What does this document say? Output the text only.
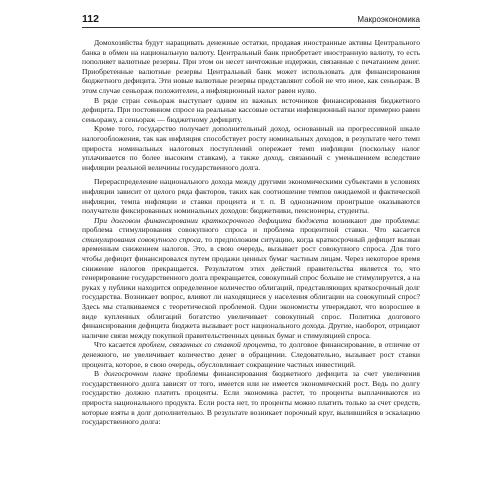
112	Макроэкономика

Домохозяйства будут наращивать денежные остатки, продавая иностранные активы Центрального банка в обмен на национальную валюту. Центральный банк приобретает иностранную валюту, то есть пополняет валютные резервы. При этом он несет ничтожные издержки, связанные с печатанием денег. Приобретенные валютные резервы Центральный банк может использовать для финансирования бюджетного дефицита. Эти новые валютные резервы представляют собой не что иное, как сеньораж. В этом случае сеньораж положителен, а инфляционный налог равен нулю.

В ряде стран сеньораж выступает одним из важных источников финансирования бюджетного дефицита. При постоянном спросе на реальные кассовые остатки инфляционный налог примерно равен сеньоражу, а сеньораж — бюджетному дефициту.

Кроме того, государство получает дополнительный доход, основанный на прогрессивной шкале налогообложения, так как инфляция способствует росту номинальных доходов, в результате чего темп прироста номинальных налоговых поступлений опережает темп инфляции (поскольку налог уплачивается по более высоким ставкам), а также доход, связанный с уменьшением вследствие инфляции реальной величины государственного долга.

Перераспределение национального дохода между другими экономическими субъектами в условиях инфляции зависит от целого ряда факторов, таких как соотношение темпов ожидаемой и фактической инфляции, темпа инфляции и ставки процента и т. п. В однозначном проигрыше оказываются получатели фиксированных номинальных доходов: бюджетники, пенсионеры, студенты.

При долговом финансировании краткосрочного дефицита бюджета возникают две проблемы: проблема стимулирования совокупного спроса и проблема процентной ставки. Что касается стимулирования совокупного спроса, то предположим ситуацию, когда краткосрочный дефицит вызван временным снижением налогов. Это, в свою очередь, вызывает рост совокупного спроса. Для того чтобы дефицит финансировался путем продажи ценных бумаг частным лицам. Через некоторое время снижение налогов прекращается. Результатом этих действий правительства является то, что генерирование государственного долга прекращается, совокупный спрос больше не стимулируется, а на руках у публики находится определенное количество облигаций, представляющих краткосрочный долг государства. Возникает вопрос, влияют ли находящиеся у населения облигации на совокупный спрос? Здесь мы сталкиваемся с теоретической проблемой. Одни экономисты утверждают, что возросшее в виде купленных облигаций богатство увеличивает совокупный спрос. Политика долгового финансирования дефицита бюджета вызывает рост национального дохода. Другие, наоборот, отрицают наличие связи между покупкой правительственных ценных бумаг и стимуляцией спроса.

Что касается проблем, связанных со ставкой процента, то долговое финансирование, в отличие от денежного, не увеличивает количество денег в обращении. Следовательно, вызывает рост ставки процента, которое, в свою очередь, обусловливает сокращение частных инвестиций.

В долгосрочном плане проблемы финансирования бюджетного дефицита за счет увеличения государственного долга зависят от того, имеется или не имеется экономический рост. Ведь по долгу государство должно платить проценты. Если экономика растет, то проценты выплачиваются из прироста национального продукта. Если роста нет, то проценты можно платить только за счет средств, которые взяты в долг дополнительно. В результате возникает порочный круг, вылившийся в эскалацию государственного долга:
